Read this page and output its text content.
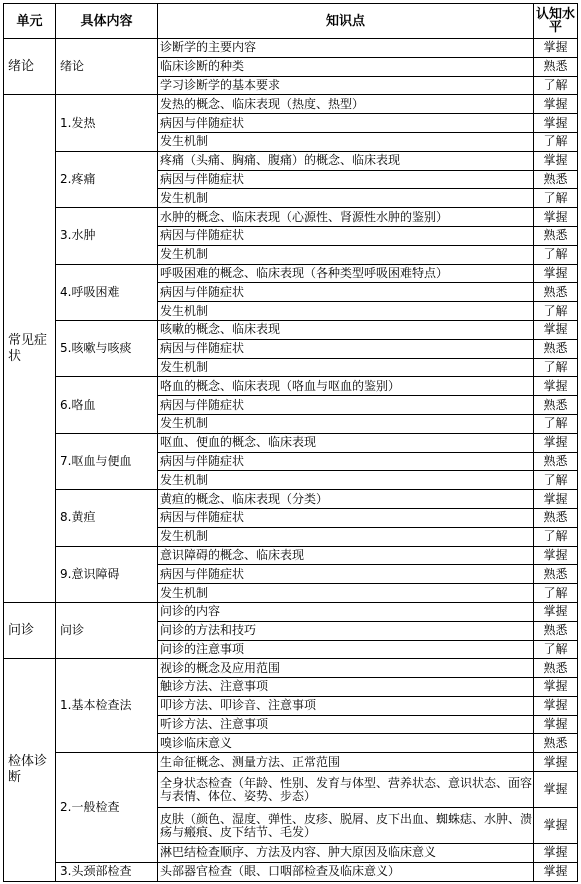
单元	具体内容	知识点	认知水平
绪论	绪论	诊断学的主要内容	掌握
		临床诊断的种类	熟悉
		学习诊断学的基本要求	了解
常见症状	1.发热	发热的概念、临床表现（热度、热型）	掌握
		病因与伴随症状	掌握
		发生机制	了解
	2.疼痛	疼痛（头痛、胸痛、腹痛）的概念、临床表现	掌握
		病因与伴随症状	熟悉
		发生机制	了解
	3.水肿	水肿的概念、临床表现（心源性、肾源性水肿的鉴别）	掌握
		病因与伴随症状	熟悉
		发生机制	了解
	4.呼吸困难	呼吸困难的概念、临床表现（各种类型呼吸困难特点）	掌握
		病因与伴随症状	熟悉
		发生机制	了解
	5.咳嗽与咳痰	咳嗽的概念、临床表现	掌握
		病因与伴随症状	熟悉
		发生机制	了解
	6.咯血	咯血的概念、临床表现（咯血与呕血的鉴别）	掌握
		病因与伴随症状	熟悉
		发生机制	了解
	7.呕血与便血	呕血、便血的概念、临床表现	掌握
		病因与伴随症状	熟悉
		发生机制	了解
	8.黄疸	黄疸的概念、临床表现（分类）	掌握
		病因与伴随症状	熟悉
		发生机制	了解
	9.意识障碍	意识障碍的概念、临床表现	掌握
		病因与伴随症状	熟悉
		发生机制	了解
问诊	问诊	问诊的内容	掌握
		问诊的方法和技巧	熟悉
		问诊的注意事项	了解
检体诊断	1.基本检查法	视诊的概念及应用范围	熟悉
		触诊方法、注意事项	掌握
		叩诊方法、叩诊音、注意事项	掌握
		听诊方法、注意事项	掌握
		嗅诊临床意义	熟悉
	2.一般检查	生命征概念、测量方法、正常范围	掌握
		全身状态检查（年龄、性别、发育与体型、营养状态、意识状态、面容与表情、体位、姿势、步态）	掌握
		皮肤（颜色、湿度、弹性、皮疹、脱屑、皮下出血、蜘蛛痣、水肿、溃疡与瘢痕、皮下结节、毛发）	掌握
		淋巴结检查顺序、方法及内容、肿大原因及临床意义	掌握
	3.头颈部检查	头部器官检查（眼、口咽部检查及临床意义）	掌握
